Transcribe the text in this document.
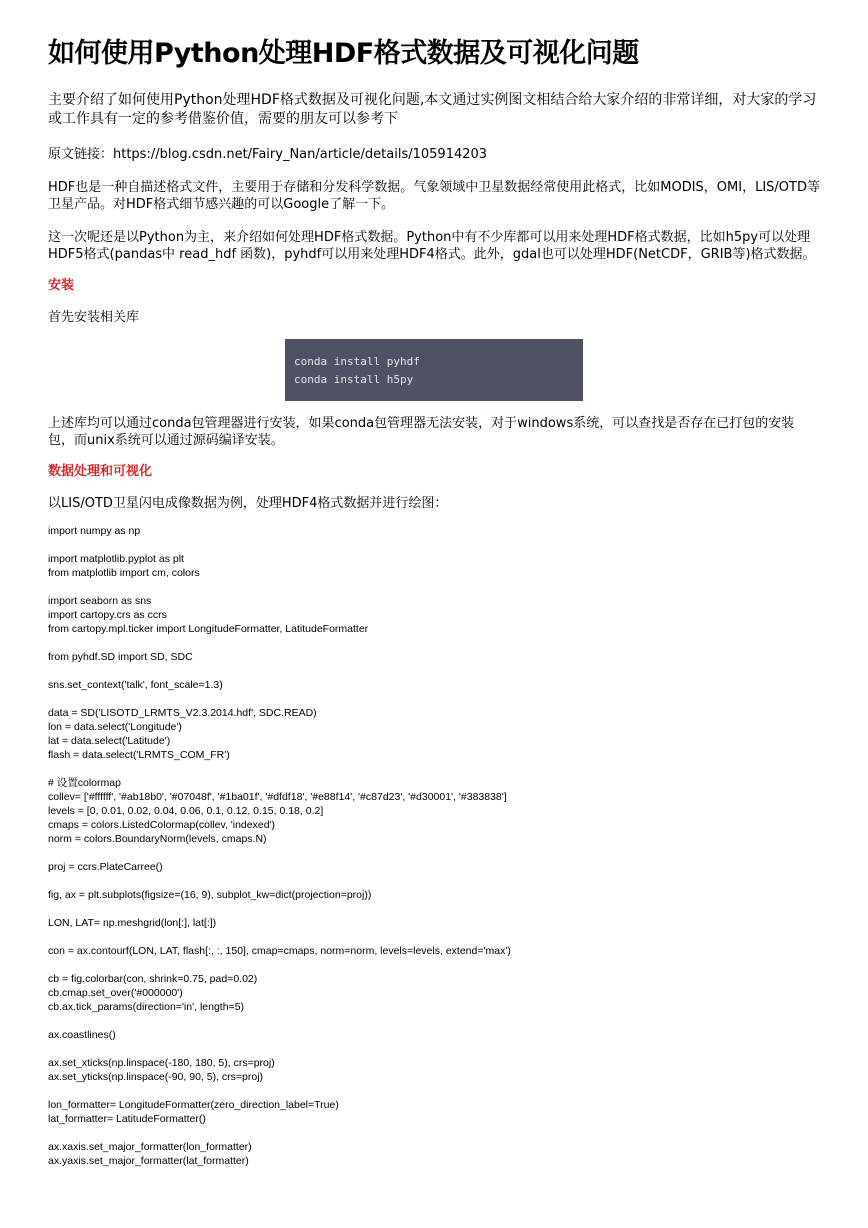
如何使用Python处理HDF格式数据及可视化问题
主要介绍了如何使用Python处理HDF格式数据及可视化问题,本文通过实例图文相结合给大家介绍的非常详细，对大家的学习或工作具有一定的参考借鉴价值，需要的朋友可以参考下
原文链接：https://blog.csdn.net/Fairy_Nan/article/details/105914203
HDF也是一种自描述格式文件，主要用于存储和分发科学数据。气象领域中卫星数据经常使用此格式，比如MODIS，OMI，LIS/OTD等卫星产品。对HDF格式细节感兴趣的可以Google了解一下。
这一次呢还是以Python为主，来介绍如何处理HDF格式数据。Python中有不少库都可以用来处理HDF格式数据，比如h5py可以处理HDF5格式(pandas中 read_hdf 函数)，pyhdf可以用来处理HDF4格式。此外，gdal也可以处理HDF(NetCDF，GRIB等)格式数据。
安装
首先安装相关库
conda install pyhdf
conda install h5py
上述库均可以通过conda包管理器进行安装，如果conda包管理器无法安装，对于windows系统，可以查找是否存在已打包的安装包，而unix系统可以通过源码编译安装。
数据处理和可视化
以LIS/OTD卫星闪电成像数据为例，处理HDF4格式数据并进行绘图：
import numpy as np
import matplotlib.pyplot as plt
from matplotlib import cm, colors
import seaborn as sns
import cartopy.crs as ccrs
from cartopy.mpl.ticker import LongitudeFormatter, LatitudeFormatter
from pyhdf.SD import SD, SDC
sns.set_context('talk', font_scale=1.3)
data = SD('LISOTD_LRMTS_V2.3.2014.hdf', SDC.READ)
lon = data.select('Longitude')
lat = data.select('Latitude')
flash = data.select('LRMTS_COM_FR')
# 设置colormap
collev= ['#ffffff', '#ab18b0', '#07048f', '#1ba01f', '#dfdf18', '#e88f14', '#c87d23', '#d30001', '#383838']
levels = [0, 0.01, 0.02, 0.04, 0.06, 0.1, 0.12, 0.15, 0.18, 0.2]
cmaps = colors.ListedColormap(collev, 'indexed')
norm = colors.BoundaryNorm(levels, cmaps.N)
proj = ccrs.PlateCarree()
fig, ax = plt.subplots(figsize=(16, 9), subplot_kw=dict(projection=proj))
LON, LAT= np.meshgrid(lon[:], lat[:])
con = ax.contourf(LON, LAT, flash[:, :, 150], cmap=cmaps, norm=norm, levels=levels, extend='max')
cb = fig.colorbar(con, shrink=0.75, pad=0.02)
cb.cmap.set_over('#000000')
cb.ax.tick_params(direction='in', length=5)
ax.coastlines()
ax.set_xticks(np.linspace(-180, 180, 5), crs=proj)
ax.set_yticks(np.linspace(-90, 90, 5), crs=proj)
lon_formatter= LongitudeFormatter(zero_direction_label=True)
lat_formatter= LatitudeFormatter()
ax.xaxis.set_major_formatter(lon_formatter)
ax.yaxis.set_major_formatter(lat_formatter)
